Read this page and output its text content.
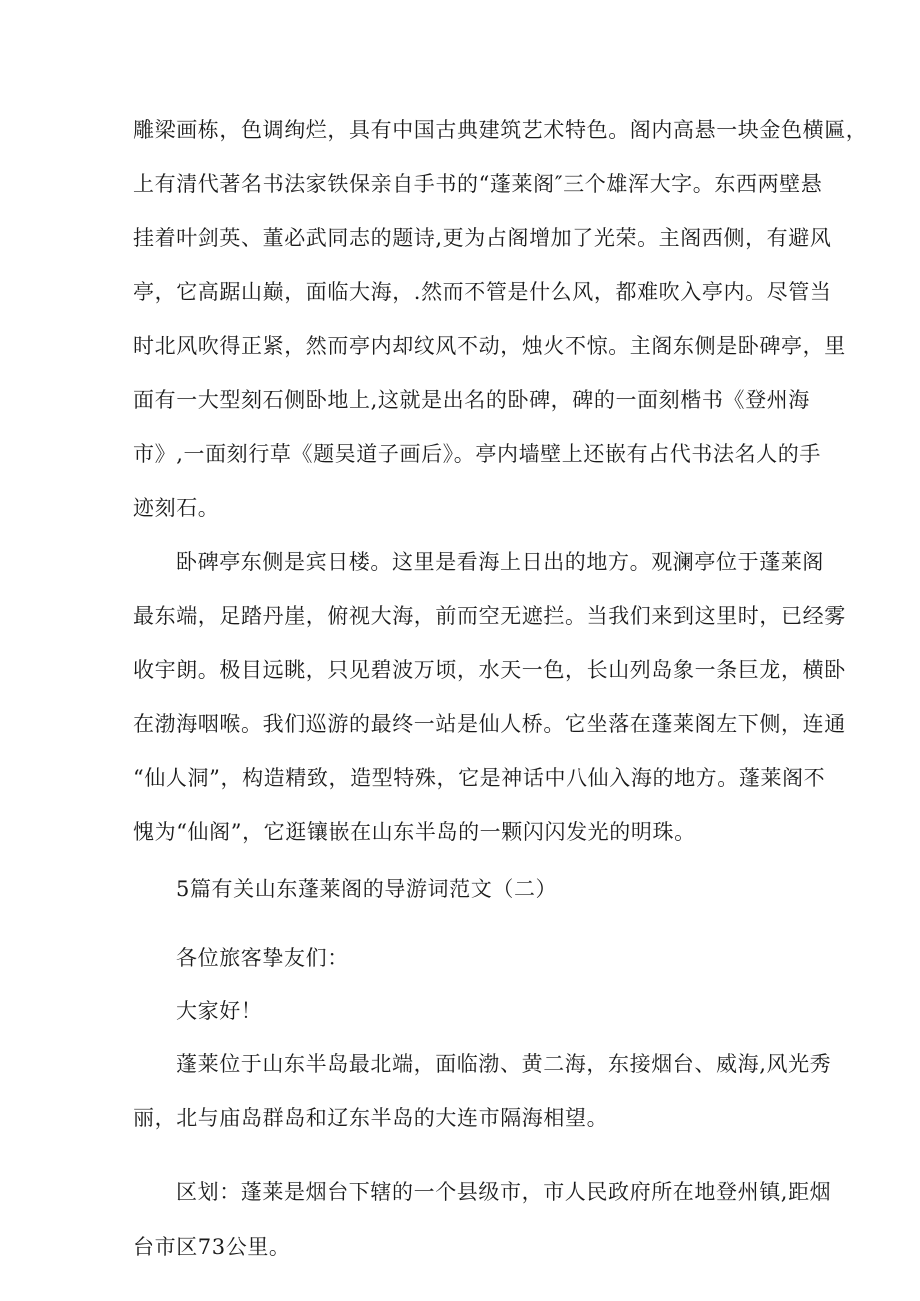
雕梁画栋，色调绚烂，具有中国古典建筑艺术特色。阁内高悬一块金色横匾，
上有清代著名书法家铁保亲自手书的“蓬莱阁″三个雄浑大字。东西两壁悬
挂着叶剑英、董必武同志的题诗,更为占阁增加了光荣。主阁西侧，有避风
亭，它高踞山巅，面临大海，.然而不管是什么风，都难吹入亭内。尽管当
时北风吹得正紧，然而亭内却纹风不动，烛火不惊。主阁东侧是卧碑亭，里
面有一大型刻石侧卧地上,这就是出名的卧碑，碑的一面刻楷书《登州海
市》,一面刻行草《题吴道子画后》。亭内墙壁上还嵌有占代书法名人的手
迹刻石。
卧碑亭东侧是宾日楼。这里是看海上日出的地方。观澜亭位于蓬莱阁
最东端，足踏丹崖，俯视大海，前而空无遮拦。当我们来到这里时，已经雾
收宇朗。极目远眺，只见碧波万顷，水天一色，长山列岛象一条巨龙，横卧
在渤海咽喉。我们巡游的最终一站是仙人桥。它坐落在蓬莱阁左下侧，连通
“仙人洞”，构造精致，造型特殊，它是神话中八仙入海的地方。蓬莱阁不
愧为“仙阁”，它逛镶嵌在山东半岛的一颗闪闪发光的明珠。
5篇有关山东蓬莱阁的导游词范文（二）
各位旅客挚友们：
大家好！
蓬莱位于山东半岛最北端，面临渤、黄二海，东接烟台、威海,风光秀
丽，北与庙岛群岛和辽东半岛的大连市隔海相望。
区划：蓬莱是烟台下辖的一个县级市，市人民政府所在地登州镇,距烟
台市区73公里。
